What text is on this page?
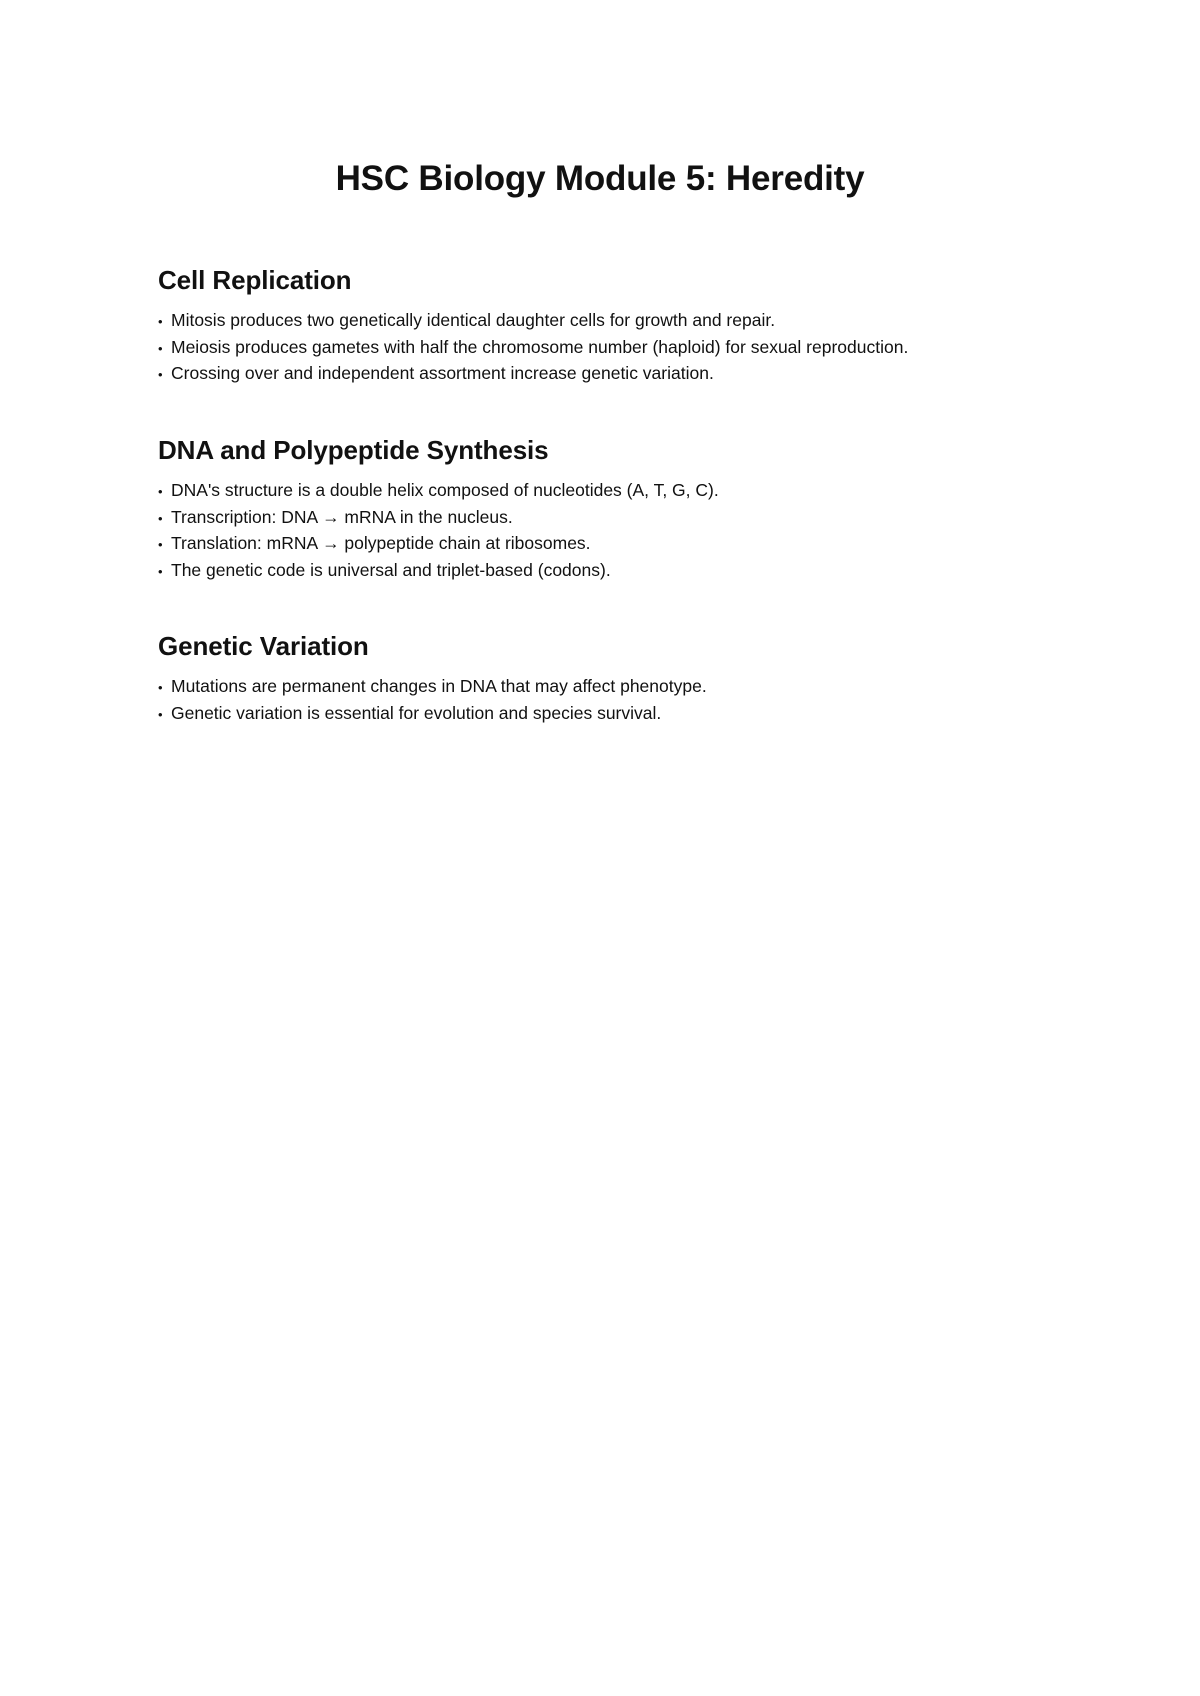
HSC Biology Module 5: Heredity
Cell Replication
• Mitosis produces two genetically identical daughter cells for growth and repair.
• Meiosis produces gametes with half the chromosome number (haploid) for sexual reproduction.
• Crossing over and independent assortment increase genetic variation.
DNA and Polypeptide Synthesis
• DNA's structure is a double helix composed of nucleotides (A, T, G, C).
• Transcription: DNA → mRNA in the nucleus.
• Translation: mRNA → polypeptide chain at ribosomes.
• The genetic code is universal and triplet-based (codons).
Genetic Variation
• Mutations are permanent changes in DNA that may affect phenotype.
• Genetic variation is essential for evolution and species survival.
